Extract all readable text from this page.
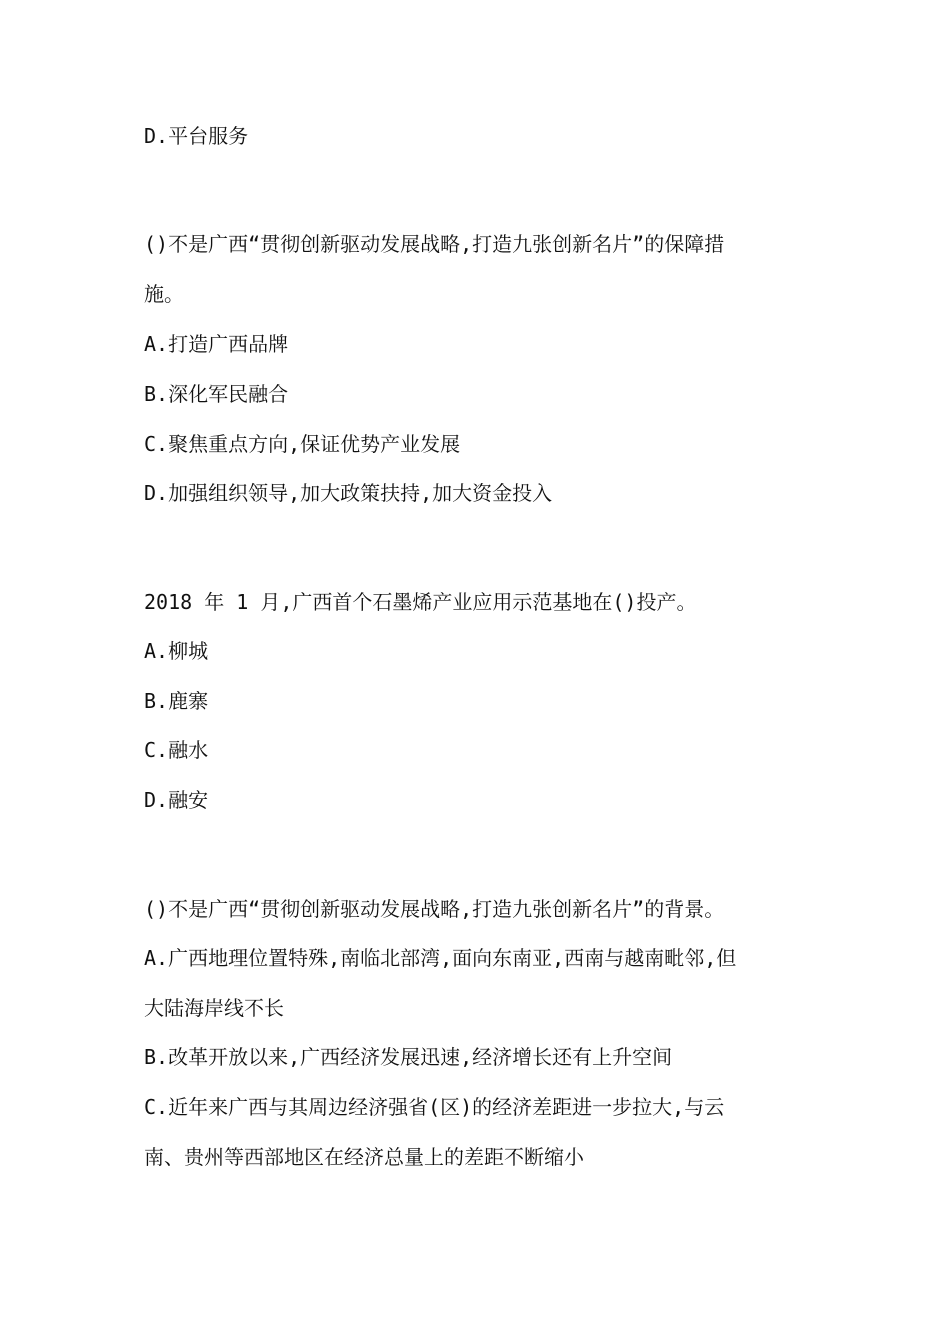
D.平台服务
()不是广西“贯彻创新驱动发展战略,打造九张创新名片”的保障措
施。
A.打造广西品牌
B.深化军民融合
C.聚焦重点方向,保证优势产业发展
D.加强组织领导,加大政策扶持,加大资金投入
2018 年 1 月,广西首个石墨烯产业应用示范基地在()投产。
A.柳城
B.鹿寨
C.融水
D.融安
()不是广西“贯彻创新驱动发展战略,打造九张创新名片”的背景。
A.广西地理位置特殊,南临北部湾,面向东南亚,西南与越南毗邻,但
大陆海岸线不长
B.改革开放以来,广西经济发展迅速,经济增长还有上升空间
C.近年来广西与其周边经济强省(区)的经济差距进一步拉大,与云
南、贵州等西部地区在经济总量上的差距不断缩小
